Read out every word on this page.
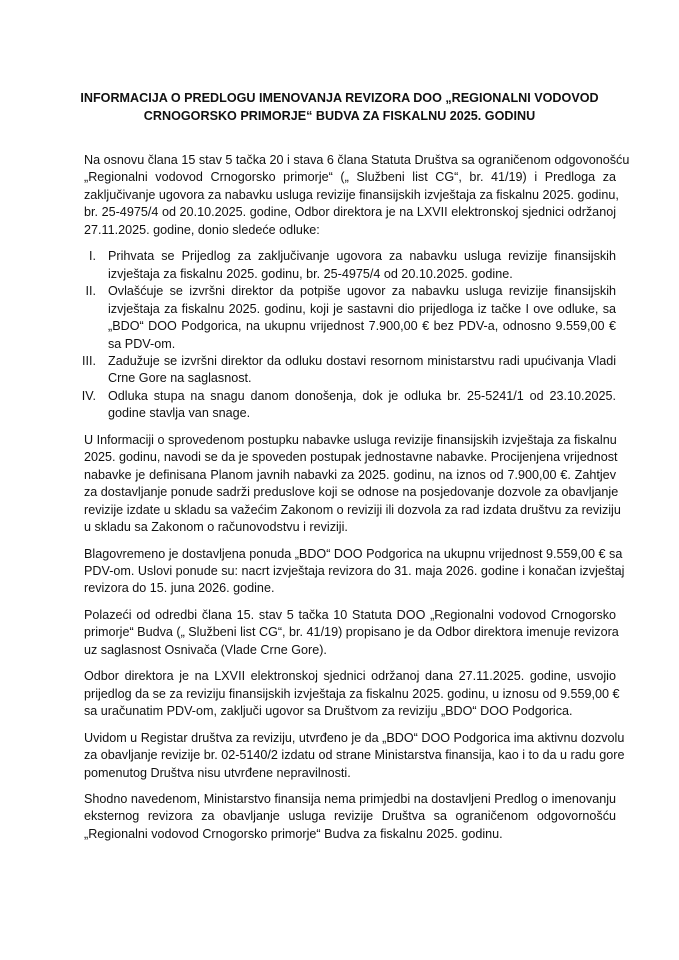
INFORMACIJA O PREDLOGU IMENOVANJA REVIZORA DOO „REGIONALNI VODOVOD
CRNOGORSKO PRIMORJE“ BUDVA ZA FISKALNU 2025. GODINU
Na osnovu člana 15 stav 5 tačka 20 i stava 6 člana Statuta Društva sa ograničenom odgovonošću
„Regionalni vodovod Crnogorsko primorje“ („ Službeni list CG“, br. 41/19) i Predloga za
zaključivanje ugovora za nabavku usluga revizije finansijskih izvještaja za fiskalnu 2025. godinu,
br. 25-4975/4 od 20.10.2025. godine, Odbor direktora je na LXVII elektronskoj sjednici održanoj
27.11.2025. godine, donio sledeće odluke:
I. Prihvata se Prijedlog za zaključivanje ugovora za nabavku usluga revizije finansijskih
izvještaja za fiskalnu 2025. godinu, br. 25-4975/4 od 20.10.2025. godine.
II. Ovlašćuje se izvršni direktor da potpiše ugovor za nabavku usluga revizije finansijskih
izvještaja za fiskalnu 2025. godinu, koji je sastavni dio prijedloga iz tačke I ove odluke, sa
„BDO“ DOO Podgorica, na ukupnu vrijednost 7.900,00 € bez PDV-a, odnosno 9.559,00 €
sa PDV-om.
III. Zadužuje se izvršni direktor da odluku dostavi resornom ministarstvu radi upućivanja Vladi
Crne Gore na saglasnost.
IV. Odluka stupa na snagu danom donošenja, dok je odluka br. 25-5241/1 od 23.10.2025.
godine stavlja van snage.
U Informaciji o sprovedenom postupku nabavke usluga revizije finansijskih izvještaja za fiskalnu
2025. godinu, navodi se da je spoveden postupak jednostavne nabavke. Procijenjena vrijednost
nabavke je definisana Planom javnih nabavki za 2025. godinu, na iznos od 7.900,00 €. Zahtjev
za dostavljanje ponude sadrži preduslove koji se odnose na posjedovanje dozvole za obavljanje
revizije izdate u skladu sa važećim Zakonom o reviziji ili dozvola za rad izdata društvu za reviziju
u skladu sa Zakonom o računovodstvu i reviziji.
Blagovremeno je dostavljena ponuda „BDO“ DOO Podgorica na ukupnu vrijednost 9.559,00 € sa
PDV-om. Uslovi ponude su: nacrt izvještaja revizora do 31. maja 2026. godine i konačan izvještaj
revizora do 15. juna 2026. godine.
Polazeći od odredbi člana 15. stav 5 tačka 10 Statuta DOO „Regionalni vodovod Crnogorsko
primorje“ Budva („ Službeni list CG“, br. 41/19) propisano je da Odbor direktora imenuje revizora
uz saglasnost Osnivača (Vlade Crne Gore).
Odbor direktora je na LXVII elektronskoj sjednici održanoj dana 27.11.2025. godine, usvojio
prijedlog da se za reviziju finansijskih izvještaja za fiskalnu 2025. godinu, u iznosu od 9.559,00 €
sa uračunatim PDV-om, zaključi ugovor sa Društvom za reviziju „BDO“ DOO Podgorica.
Uvidom u Registar društva za reviziju, utvrđeno je da „BDO“ DOO Podgorica ima aktivnu dozvolu
za obavljanje revizije br. 02-5140/2 izdatu od strane Ministarstva finansija, kao i to da u radu gore
pomenutog Društva nisu utvrđene nepravilnosti.
Shodno navedenom, Ministarstvo finansija nema primjedbi na dostavljeni Predlog o imenovanju
eksternog revizora za obavljanje usluga revizije Društva sa ograničenom odgovornošću
„Regionalni vodovod Crnogorsko primorje“ Budva za fiskalnu 2025. godinu.
